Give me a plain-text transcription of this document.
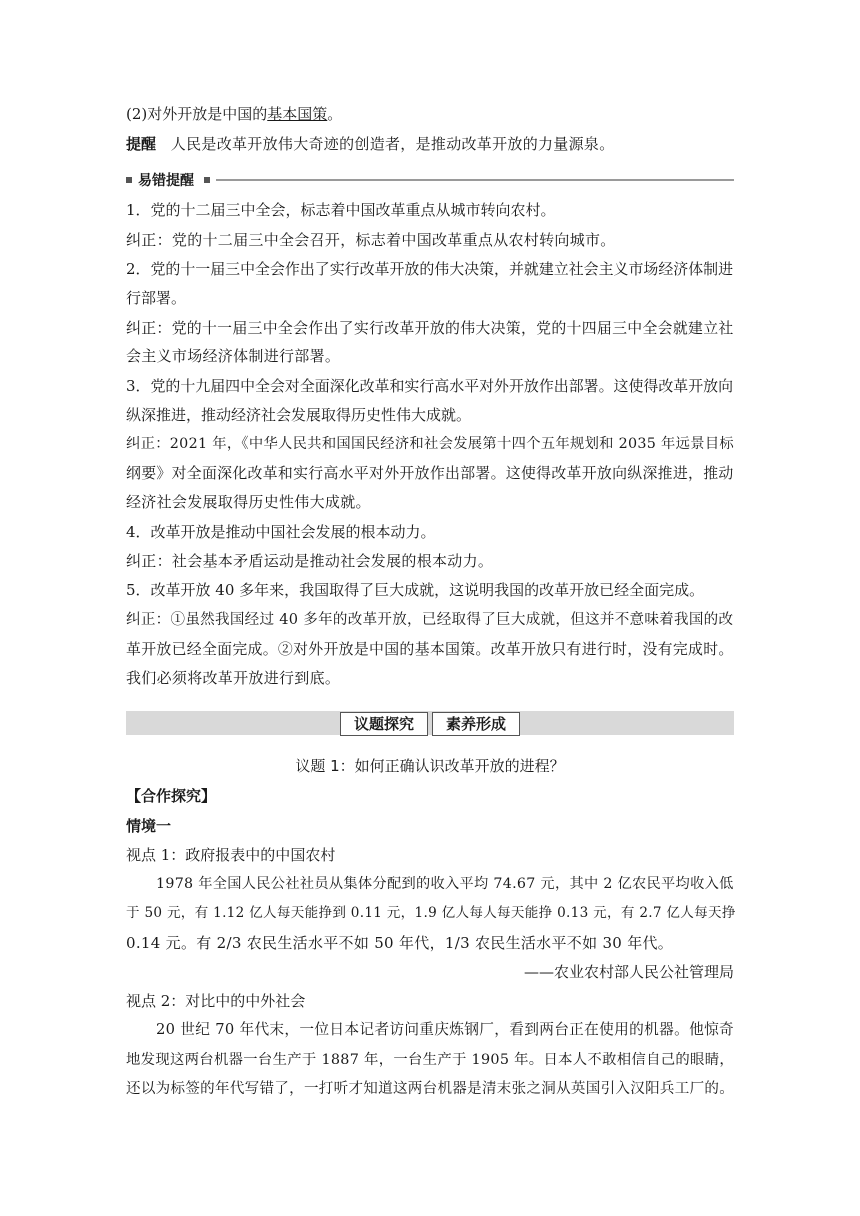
(2)对外开放是中国的基本国策。
提醒 人民是改革开放伟大奇迹的创造者，是推动改革开放的力量源泉。
易错提醒
1．党的十二届三中全会，标志着中国改革重点从城市转向农村。
纠正：党的十二届三中全会召开，标志着中国改革重点从农村转向城市。
2．党的十一届三中全会作出了实行改革开放的伟大决策，并就建立社会主义市场经济体制进
行部署。
纠正：党的十一届三中全会作出了实行改革开放的伟大决策，党的十四届三中全会就建立社
会主义市场经济体制进行部署。
3．党的十九届四中全会对全面深化改革和实行高水平对外开放作出部署。这使得改革开放向
纵深推进，推动经济社会发展取得历史性伟大成就。
纠正：2021 年，《中华人民共和国国民经济和社会发展第十四个五年规划和 2035 年远景目标
纲要》对全面深化改革和实行高水平对外开放作出部署。这使得改革开放向纵深推进，推动
经济社会发展取得历史性伟大成就。
4．改革开放是推动中国社会发展的根本动力。
纠正：社会基本矛盾运动是推动社会发展的根本动力。
5．改革开放 40 多年来，我国取得了巨大成就，这说明我国的改革开放已经全面完成。
纠正：①虽然我国经过 40 多年的改革开放，已经取得了巨大成就，但这并不意味着我国的改
革开放已经全面完成。②对外开放是中国的基本国策。改革开放只有进行时，没有完成时。
我们必须将改革开放进行到底。
议题探究	素养形成
议题 1：如何正确认识改革开放的进程？
【合作探究】
情境一
视点 1：政府报表中的中国农村
1978 年全国人民公社社员从集体分配到的收入平均 74.67 元，其中 2 亿农民平均收入低
于 50 元，有 1.12 亿人每天能挣到 0.11 元，1.9 亿人每人每天能挣 0.13 元，有 2.7 亿人每天挣
0.14 元。有 2/3 农民生活水平不如 50 年代，1/3 农民生活水平不如 30 年代。
——农业农村部人民公社管理局
视点 2：对比中的中外社会
20 世纪 70 年代末，一位日本记者访问重庆炼钢厂，看到两台正在使用的机器。他惊奇
地发现这两台机器一台生产于 1887 年，一台生产于 1905 年。日本人不敢相信自己的眼睛，
还以为标签的年代写错了，一打听才知道这两台机器是清末张之洞从英国引入汉阳兵工厂的。
